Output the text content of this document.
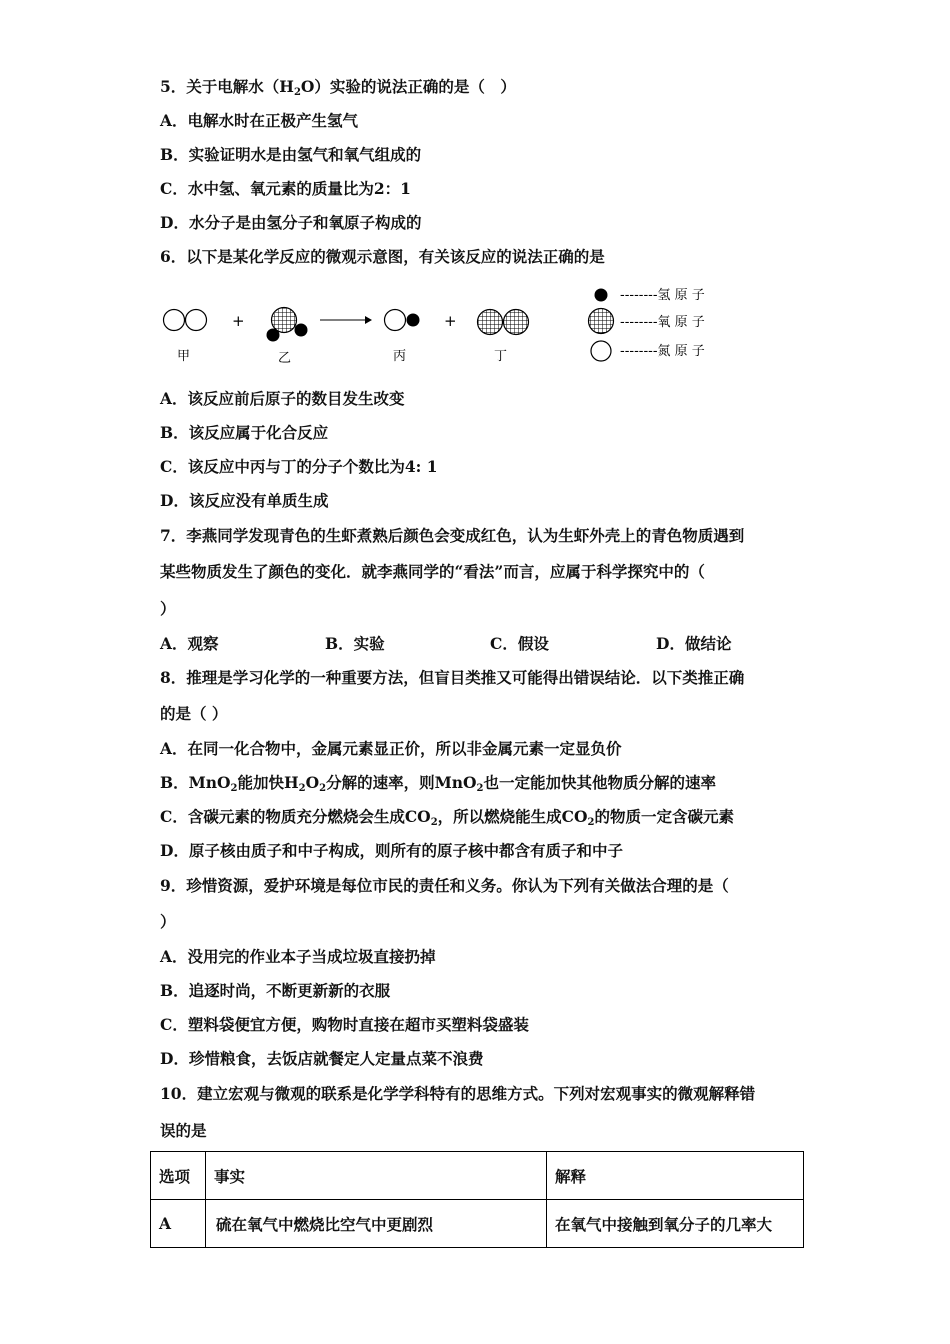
5．关于电解水$(H_2O)$实验的说法正确的是（　）
A．电解水时在正极产生氢气
B．实验证明水是由氢气和氧气组成的
C．水中氢、氧元素的质量比为2：1
D．水分子是由氢分子和氧原子构成的
6．以下是某化学反应的微观示意图，有关该反应的说法正确的是
甲
+
乙	丙
+
丁
--------氢 原 子
--------氧 原 子
--------氮 原 子
A．该反应前后原子的数目发生改变
B．该反应属于化合反应
C．该反应中丙与丁的分子个数比为4: 1
D．该反应没有单质生成
7．李燕同学发现青色的生虾煮熟后颜色会变成红色，认为生虾外壳上的青色物质遇到
某些物质发生了颜色的变化．就李燕同学的“看法”而言，应属于科学探究中的（
）
A．观察	B．实验	C．假设	D．做结论
8．推理是学习化学的一种重要方法，但盲目类推又可能得出错误结论．以下类推正确
的是（ ）
A．在同一化合物中，金属元素显正价，所以非金属元素一定显负价
B．MnO$_2$能加快$H_2O_2$分解的速率，则MnO$_2$也一定能加快其他物质分解的速率
C．含碳元素的物质充分燃烧会生成$CO_2$，所以燃烧能生成$CO_2$的物质一定含碳元素
D．原子核由质子和中子构成，则所有的原子核中都含有质子和中子
9．珍惜资源，爱护环境是每位市民的责任和义务。你认为下列有关做法合理的是（
）
A．没用完的作业本子当成垃圾直接扔掉
B．追逐时尚，不断更新新的衣服
C．塑料袋便宜方便，购物时直接在超市买塑料袋盛装
D．珍惜粮食，去饭店就餐定人定量点菜不浪费
10．建立宏观与微观的联系是化学学科特有的思维方式。下列对宏观事实的微观解释错
误的是
选项	事实	解释
A	硫在氧气中燃烧比空气中更剧烈	在氧气中接触到氧分子的几率大
